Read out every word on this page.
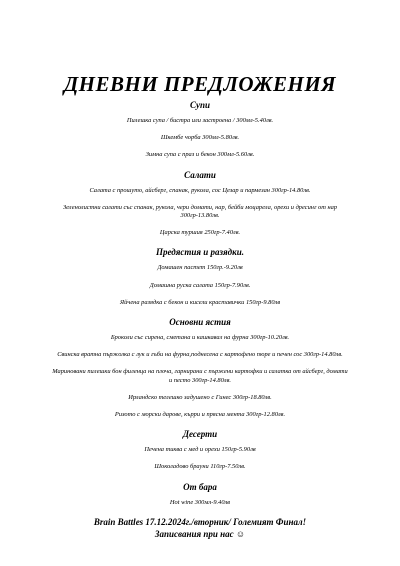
ДНЕВНИ ПРЕДЛОЖЕНИЯ
Супи
Пилешка супа / бистра или застроена / 300мл-5.40лв.
Шкембе чорба 300мл-5.80лв.
Зимна супа с праз и бекон 300мл-5.60лв.
Салати
Салата с прошуто, айсберг, спанак, рукола, сос Цезар и пармезан 300гр-14.80лв.
Зеленолистни салати със спанак, рукола, чери домати, нар, бейби моцарела, орехи и дресинг от нар 300гр-13.80лв.
Царска туршия 250гр-7.40лв.
Предястия и разядки.
Домашен пастет 150гр.-9.20лв
Домашна руска салата 150гр-7.90лв.
Яйчена разядка с бекон и кисели краставички 150гр-9.80лв
Основни ястия
Броколи със сирена, сметана и кашкавал на фурна 300гр-10.20лв.
Свинска вратна пържолка с лук и гъби на фурна,поднесена с картофено пюре и печен сос 300гр-14.80лв.
Мариновани пилешки бон филенца на плоча, гарнирани с пържени картофки и салатка от айсберг, домати и песто 300гр-14.80лв.
Ирландско телешко задушено с Гинес 300гр-18.80лв.
Ризото с морски дарове, кърри и прясна мента 300гр-12.80лв.
Десерти
Печена тиква с мед и орехи 150гр-5.90лв
Шоколадово брауни 110гр-7.50лв.
От бара
Hot wine 300мл-9.40лв
Brain Battles 17.12.2024г./вторник/ Големият Финал!
Записвания при нас ☺
